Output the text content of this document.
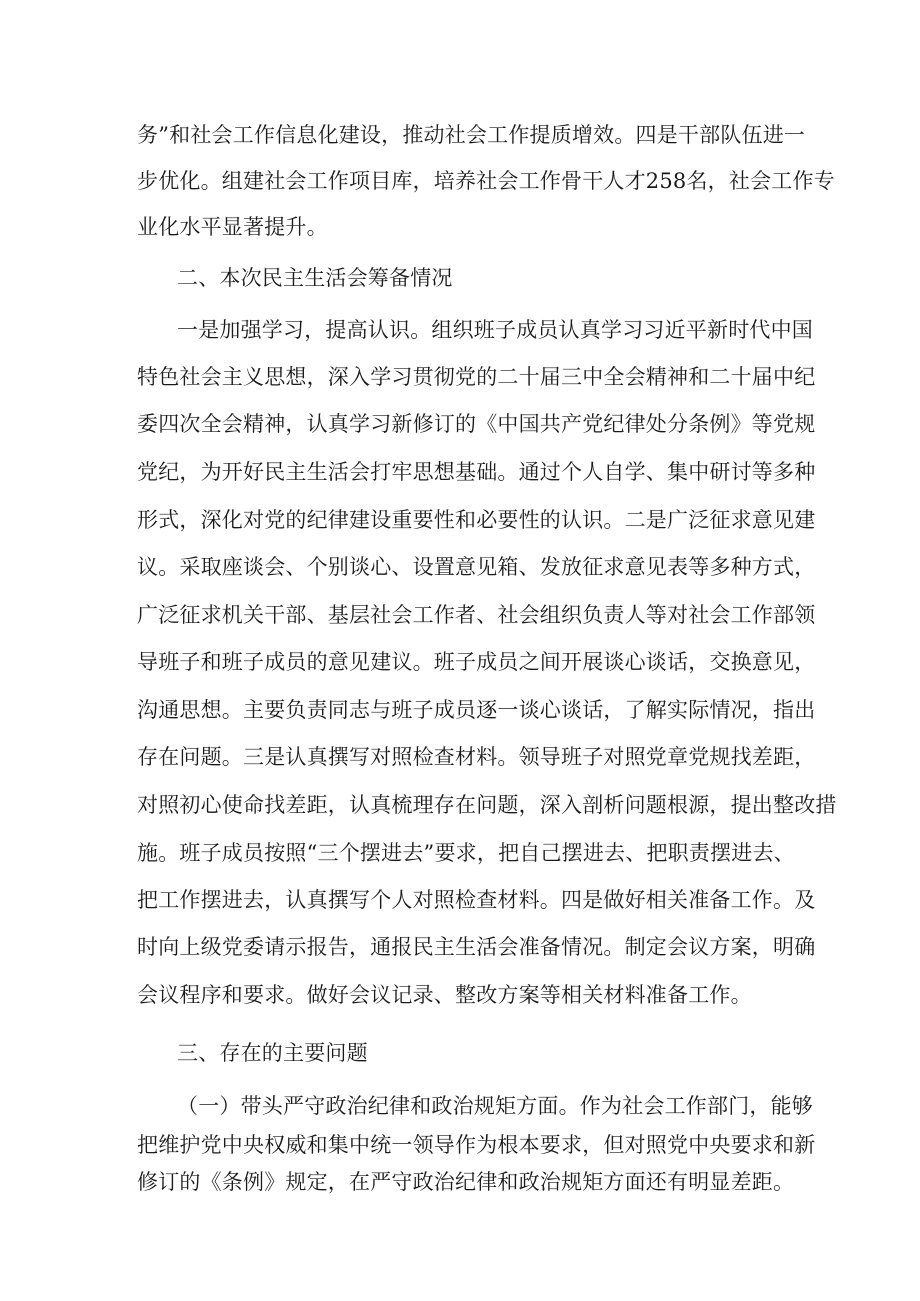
务”和社会工作信息化建设，推动社会工作提质增效。四是干部队伍进一
步优化。组建社会工作项目库，培养社会工作骨干人才258名，社会工作专
业化水平显著提升。
二、本次民主生活会筹备情况
一是加强学习，提高认识。组织班子成员认真学习习近平新时代中国
特色社会主义思想，深入学习贯彻党的二十届三中全会精神和二十届中纪
委四次全会精神，认真学习新修订的《中国共产党纪律处分条例》等党规
党纪，为开好民主生活会打牢思想基础。通过个人自学、集中研讨等多种
形式，深化对党的纪律建设重要性和必要性的认识。二是广泛征求意见建
议。采取座谈会、个别谈心、设置意见箱、发放征求意见表等多种方式，
广泛征求机关干部、基层社会工作者、社会组织负责人等对社会工作部领
导班子和班子成员的意见建议。班子成员之间开展谈心谈话，交换意见，
沟通思想。主要负责同志与班子成员逐一谈心谈话，了解实际情况，指出
存在问题。三是认真撰写对照检查材料。领导班子对照党章党规找差距，
对照初心使命找差距，认真梳理存在问题，深入剖析问题根源，提出整改措
施。班子成员按照“三个摆进去”要求，把自己摆进去、把职责摆进去、
把工作摆进去，认真撰写个人对照检查材料。四是做好相关准备工作。及
时向上级党委请示报告，通报民主生活会准备情况。制定会议方案，明确
会议程序和要求。做好会议记录、整改方案等相关材料准备工作。
三、存在的主要问题
（一）带头严守政治纪律和政治规矩方面。作为社会工作部门，能够
把维护党中央权威和集中统一领导作为根本要求，但对照党中央要求和新
修订的《条例》规定，在严守政治纪律和政治规矩方面还有明显差距。
